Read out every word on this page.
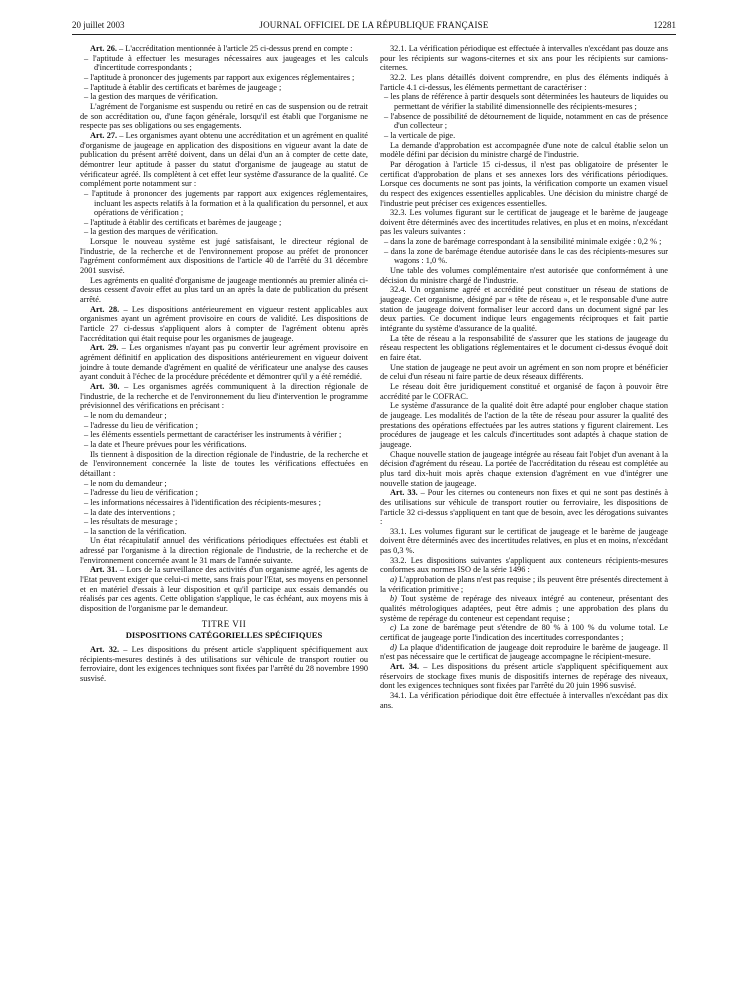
20 juillet 2003	JOURNAL OFFICIEL DE LA RÉPUBLIQUE FRANÇAISE	12281

Art. 26. – L'accréditation mentionnée à l'article 25 ci-dessus prend en compte :

– l'aptitude à effectuer les mesurages nécessaires aux jaugeages et les calculs d'incertitude correspondants ;
– l'aptitude à prononcer des jugements par rapport aux exigences réglementaires ;
– l'aptitude à établir des certificats et barèmes de jaugeage ;
– la gestion des marques de vérification.

L'agrément de l'organisme est suspendu ou retiré en cas de suspension ou de retrait de son accréditation ou, d'une façon générale, lorsqu'il est établi que l'organisme ne respecte pas ses obligations ou ses engagements.

Art. 27. – Les organismes ayant obtenu une accréditation et un agrément en qualité d'organisme de jaugeage en application des dispositions en vigueur avant la date de publication du présent arrêté doivent, dans un délai d'un an à compter de cette date, démontrer leur aptitude à passer du statut d'organisme de jaugeage au statut de vérificateur agréé. Ils complètent à cet effet leur système d'assurance de la qualité. Ce complément porte notamment sur :

– l'aptitude à prononcer des jugements par rapport aux exigences réglementaires, incluant les aspects relatifs à la formation et à la qualification du personnel, et aux opérations de vérification ;
– l'aptitude à établir des certificats et barèmes de jaugeage ;
– la gestion des marques de vérification.

Lorsque le nouveau système est jugé satisfaisant, le directeur régional de l'industrie, de la recherche et de l'environnement propose au préfet de prononcer l'agrément conformément aux dispositions de l'article 40 de l'arrêté du 31 décembre 2001 susvisé.

Les agréments en qualité d'organisme de jaugeage mentionnés au premier alinéa ci-dessus cessent d'avoir effet au plus tard un an après la date de publication du présent arrêté.

Art. 28. – Les dispositions antérieurement en vigueur restent applicables aux organismes ayant un agrément provisoire en cours de validité. Les dispositions de l'article 27 ci-dessus s'appliquent alors à compter de l'agrément obtenu après l'accréditation qui était requise pour les organismes de jaugeage.

Art. 29. – Les organismes n'ayant pas pu convertir leur agrément provisoire en agrément définitif en application des dispositions antérieurement en vigueur doivent joindre à toute demande d'agrément en qualité de vérificateur une analyse des causes ayant conduit à l'échec de la procédure précédente et démontrer qu'il y a été remédié.

Art. 30. – Les organismes agréés communiquent à la direction régionale de l'industrie, de la recherche et de l'environnement du lieu d'intervention le programme prévisionnel des vérifications en précisant :

– le nom du demandeur ;
– l'adresse du lieu de vérification ;
– les éléments essentiels permettant de caractériser les instruments à vérifier ;
– la date et l'heure prévues pour les vérifications.

Ils tiennent à disposition de la direction régionale de l'industrie, de la recherche et de l'environnement concernée la liste de toutes les vérifications effectuées en détaillant :

– le nom du demandeur ;
– l'adresse du lieu de vérification ;
– les informations nécessaires à l'identification des récipients-mesures ;
– la date des interventions ;
– les résultats de mesurage ;
– la sanction de la vérification.

Un état récapitulatif annuel des vérifications périodiques effectuées est établi et adressé par l'organisme à la direction régionale de l'industrie, de la recherche et de l'environnement concernée avant le 31 mars de l'année suivante.

Art. 31. – Lors de la surveillance des activités d'un organisme agréé, les agents de l'Etat peuvent exiger que celui-ci mette, sans frais pour l'Etat, ses moyens en personnel et en matériel d'essais à leur disposition et qu'il participe aux essais demandés ou réalisés par ces agents. Cette obligation s'applique, le cas échéant, aux moyens mis à disposition de l'organisme par le demandeur.

TITRE VII
DISPOSITIONS CATÉGORIELLES SPÉCIFIQUES

Art. 32. – Les dispositions du présent article s'appliquent spécifiquement aux récipients-mesures destinés à des utilisations sur véhicule de transport routier ou ferroviaire, dont les exigences techniques sont fixées par l'arrêté du 28 novembre 1990 susvisé.

32.1. La vérification périodique est effectuée à intervalles n'excédant pas douze ans pour les récipients sur wagons-citernes et six ans pour les récipients sur camions-citernes.

32.2. Les plans détaillés doivent comprendre, en plus des éléments indiqués à l'article 4.1 ci-dessus, les éléments permettant de caractériser :

– les plans de référence à partir desquels sont déterminées les hauteurs de liquides ou permettant de vérifier la stabilité dimensionnelle des récipients-mesures ;
– l'absence de possibilité de détournement de liquide, notamment en cas de présence d'un collecteur ;
– la verticale de pige.

La demande d'approbation est accompagnée d'une note de calcul établie selon un modèle défini par décision du ministre chargé de l'industrie.

Par dérogation à l'article 15 ci-dessus, il n'est pas obligatoire de présenter le certificat d'approbation de plans et ses annexes lors des vérifications périodiques. Lorsque ces documents ne sont pas joints, la vérification comporte un examen visuel du respect des exigences essentielles applicables. Une décision du ministre chargé de l'industrie peut préciser ces exigences essentielles.

32.3. Les volumes figurant sur le certificat de jaugeage et le barème de jaugeage doivent être déterminés avec des incertitudes relatives, en plus et en moins, n'excédant pas les valeurs suivantes :

– dans la zone de barémage correspondant à la sensibilité minimale exigée : 0,2 % ;
– dans la zone de barémage étendue autorisée dans le cas des récipients-mesures sur wagons : 1,0 %.

Une table des volumes complémentaire n'est autorisée que conformément à une décision du ministre chargé de l'industrie.

32.4. Un organisme agréé et accrédité peut constituer un réseau de stations de jaugeage. Cet organisme, désigné par « tête de réseau », et le responsable d'une autre station de jaugeage doivent formaliser leur accord dans un document signé par les deux parties. Ce document indique leurs engagements réciproques et fait partie intégrante du système d'assurance de la qualité.

La tête de réseau a la responsabilité de s'assurer que les stations de jaugeage du réseau respectent les obligations réglementaires et le document ci-dessus évoqué doit en faire état.

Une station de jaugeage ne peut avoir un agrément en son nom propre et bénéficier de celui d'un réseau ni faire partie de deux réseaux différents.

Le réseau doit être juridiquement constitué et organisé de façon à pouvoir être accrédité par le COFRAC.

Le système d'assurance de la qualité doit être adapté pour englober chaque station de jaugeage. Les modalités de l'action de la tête de réseau pour assurer la qualité des prestations des opérations effectuées par les autres stations y figurent clairement. Les procédures de jaugeage et les calculs d'incertitudes sont adaptés à chaque station de jaugeage.

Chaque nouvelle station de jaugeage intégrée au réseau fait l'objet d'un avenant à la décision d'agrément du réseau. La portée de l'accréditation du réseau est complétée au plus tard dix-huit mois après chaque extension d'agrément en vue d'intégrer une nouvelle station de jaugeage.

Art. 33. – Pour les citernes ou conteneurs non fixes et qui ne sont pas destinés à des utilisations sur véhicule de transport routier ou ferroviaire, les dispositions de l'article 32 ci-dessus s'appliquent en tant que de besoin, avec les dérogations suivantes :

33.1. Les volumes figurant sur le certificat de jaugeage et le barème de jaugeage doivent être déterminés avec des incertitudes relatives, en plus et en moins, n'excédant pas 0,3 %.

33.2. Les dispositions suivantes s'appliquent aux conteneurs récipients-mesures conformes aux normes ISO de la série 1496 :

a) L'approbation de plans n'est pas requise ; ils peuvent être présentés directement à la vérification primitive ;

b) Tout système de repérage des niveaux intégré au conteneur, présentant des qualités métrologiques adaptées, peut être admis ; une approbation des plans du système de repérage du conteneur est cependant requise ;

c) La zone de barémage peut s'étendre de 80 % à 100 % du volume total. Le certificat de jaugeage porte l'indication des incertitudes correspondantes ;

d) La plaque d'identification de jaugeage doit reproduire le barème de jaugeage. Il n'est pas nécessaire que le certificat de jaugeage accompagne le récipient-mesure.

Art. 34. – Les dispositions du présent article s'appliquent spécifiquement aux réservoirs de stockage fixes munis de dispositifs internes de repérage des niveaux, dont les exigences techniques sont fixées par l'arrêté du 20 juin 1996 susvisé.

34.1. La vérification périodique doit être effectuée à intervalles n'excédant pas dix ans.
